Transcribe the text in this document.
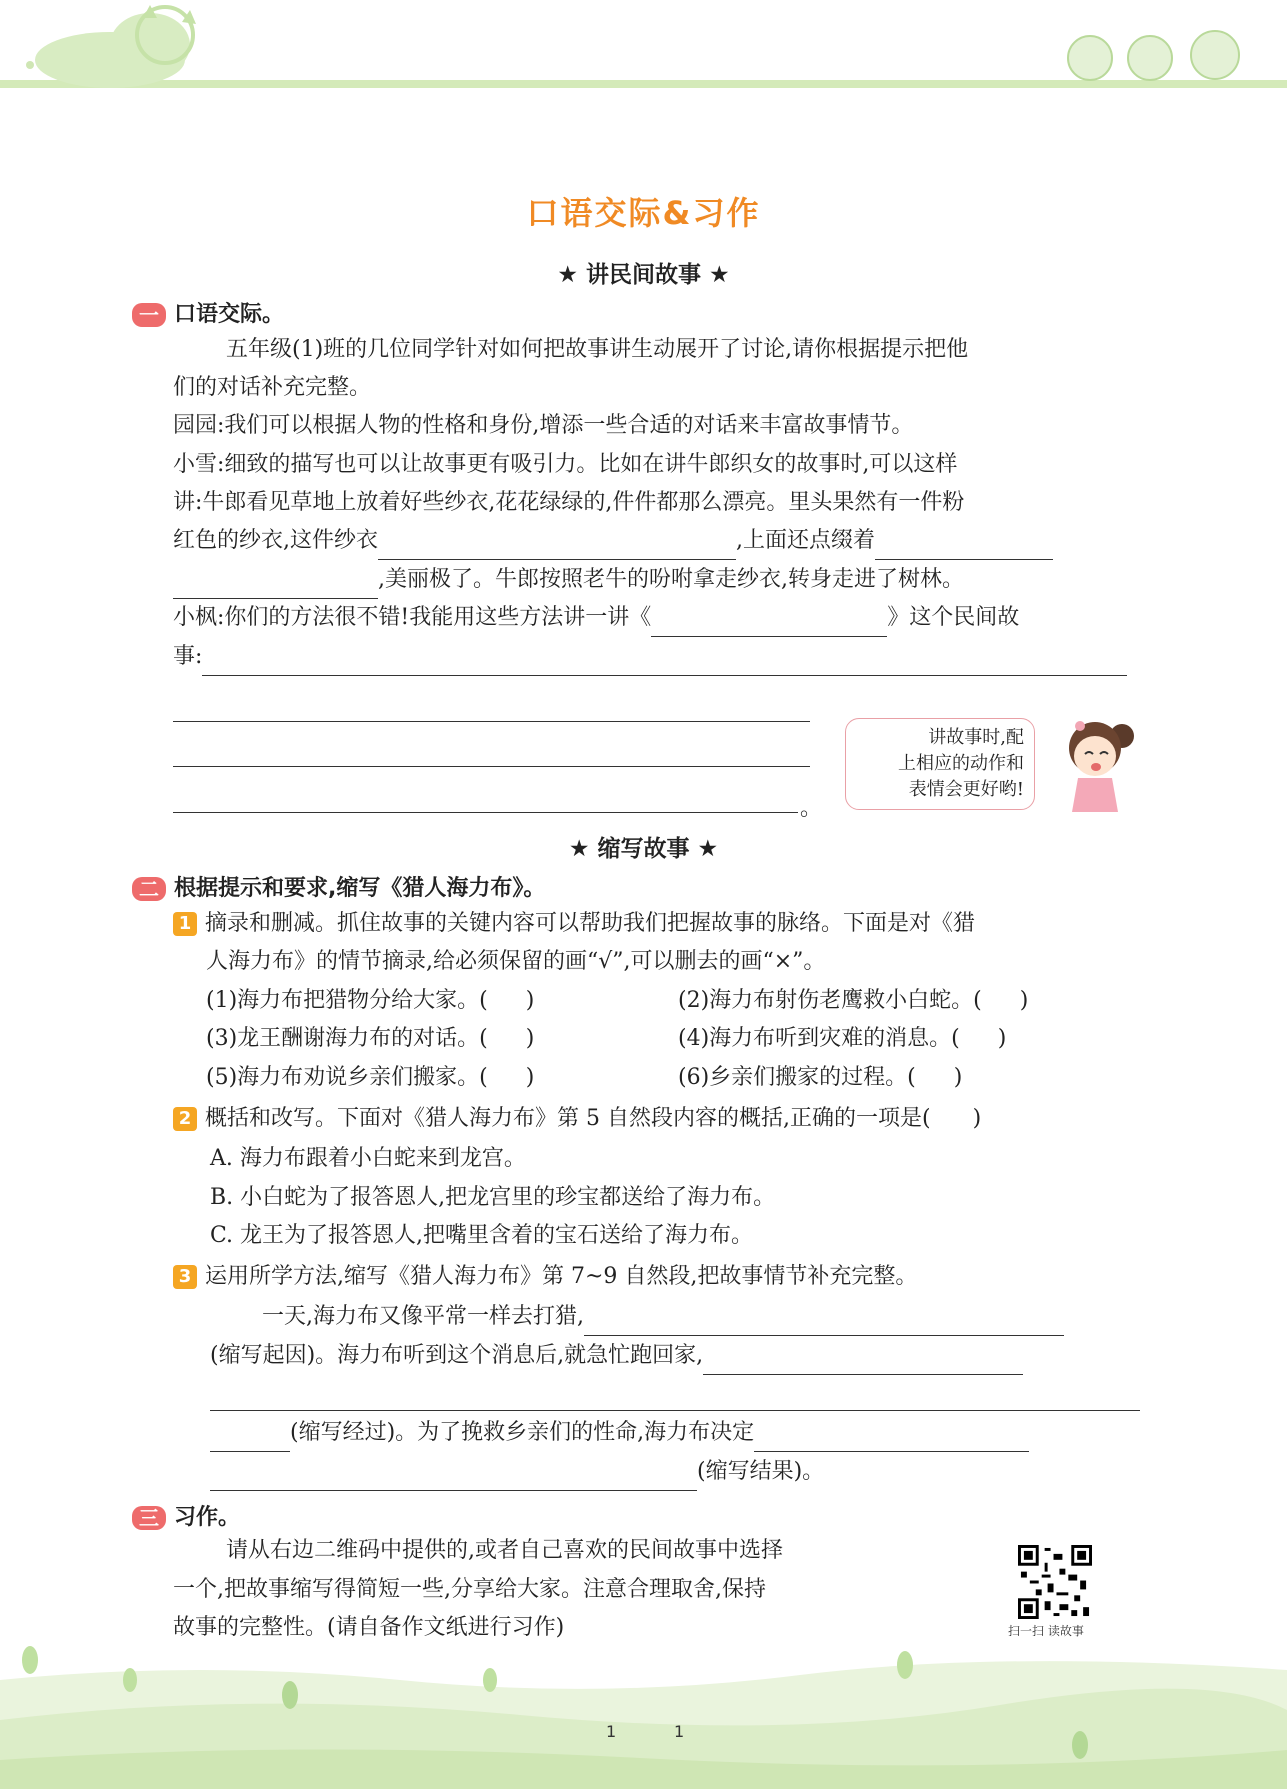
口语交际&习作
★ 讲民间故事 ★
一 口语交际。
五年级(1)班的几位同学针对如何把故事讲生动展开了讨论,请你根据提示把他
们的对话补充完整。
园园:我们可以根据人物的性格和身份,增添一些合适的对话来丰富故事情节。
小雪:细致的描写也可以让故事更有吸引力。比如在讲牛郎织女的故事时,可以这样
讲:牛郎看见草地上放着好些纱衣,花花绿绿的,件件都那么漂亮。里头果然有一件粉
红色的纱衣,这件纱衣	,上面还点缀着
,美丽极了。牛郎按照老牛的吩咐拿走纱衣,转身走进了树林。
小枫:你们的方法很不错!我能用这些方法讲一讲《	》这个民间故
事:
。
讲故事时,配
上相应的动作和
表情会更好哟!
★ 缩写故事 ★
二 根据提示和要求,缩写《猎人海力布》。
1 摘录和删减。抓住故事的关键内容可以帮助我们把握故事的脉络。下面是对《猎
人海力布》的情节摘录,给必须保留的画“√”,可以删去的画“×”。
(1)海力布把猎物分给大家。( )	(2)海力布射伤老鹰救小白蛇。( )
(3)龙王酬谢海力布的对话。( )	(4)海力布听到灾难的消息。( )
(5)海力布劝说乡亲们搬家。( )	(6)乡亲们搬家的过程。( )
2 概括和改写。下面对《猎人海力布》第 5 自然段内容的概括,正确的一项是( )
A. 海力布跟着小白蛇来到龙宫。
B. 小白蛇为了报答恩人,把龙宫里的珍宝都送给了海力布。
C. 龙王为了报答恩人,把嘴里含着的宝石送给了海力布。
3 运用所学方法,缩写《猎人海力布》第 7~9 自然段,把故事情节补充完整。
一天,海力布又像平常一样去打猎,
(缩写起因)。海力布听到这个消息后,就急忙跑回家,
(缩写经过)。为了挽救乡亲们的性命,海力布决定
(缩写结果)。
三 习作。
请从右边二维码中提供的,或者自己喜欢的民间故事中选择
一个,把故事缩写得简短一些,分享给大家。注意合理取舍,保持
故事的完整性。(请自备作文纸进行习作)	扫一扫 读故事
1	1
